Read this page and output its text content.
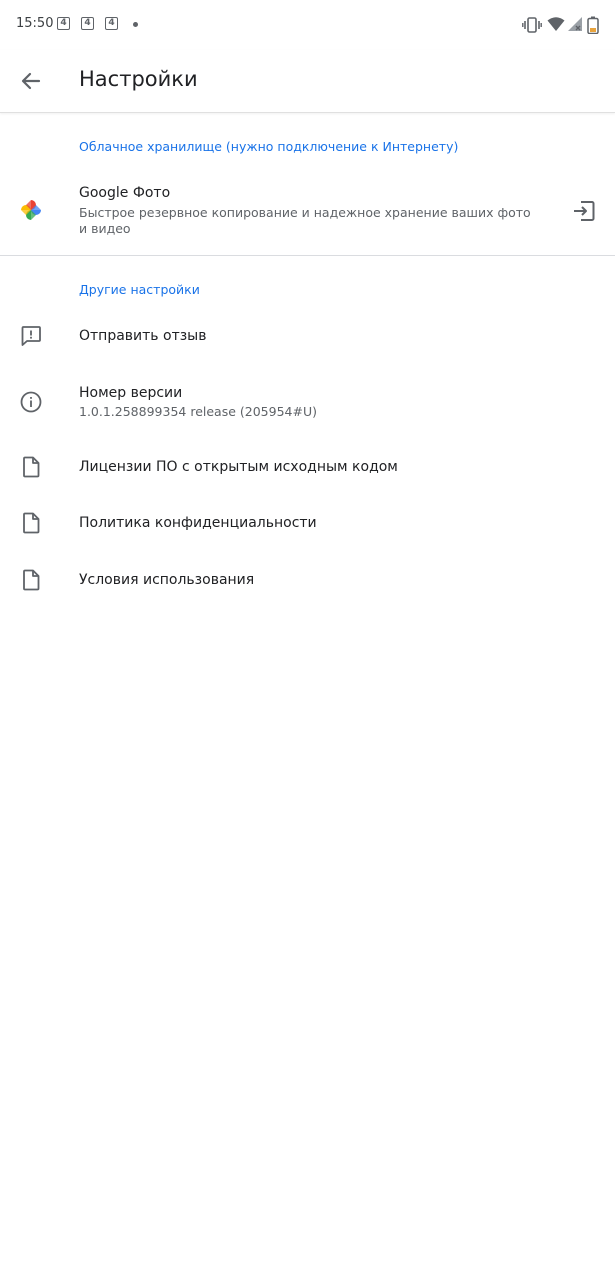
15:50 4	4	4
Настройки
Облачное хранилище (нужно подключение к Интернету)
Google Фото
Быстрое резервное копирование и надежное хранение ваших фото
и видео
Другие настройки
Отправить отзыв
Номер версии
1.0.1.258899354 release (205954#U)
Лицензии ПО с открытым исходным кодом
Политика конфиденциальности
Условия использования
